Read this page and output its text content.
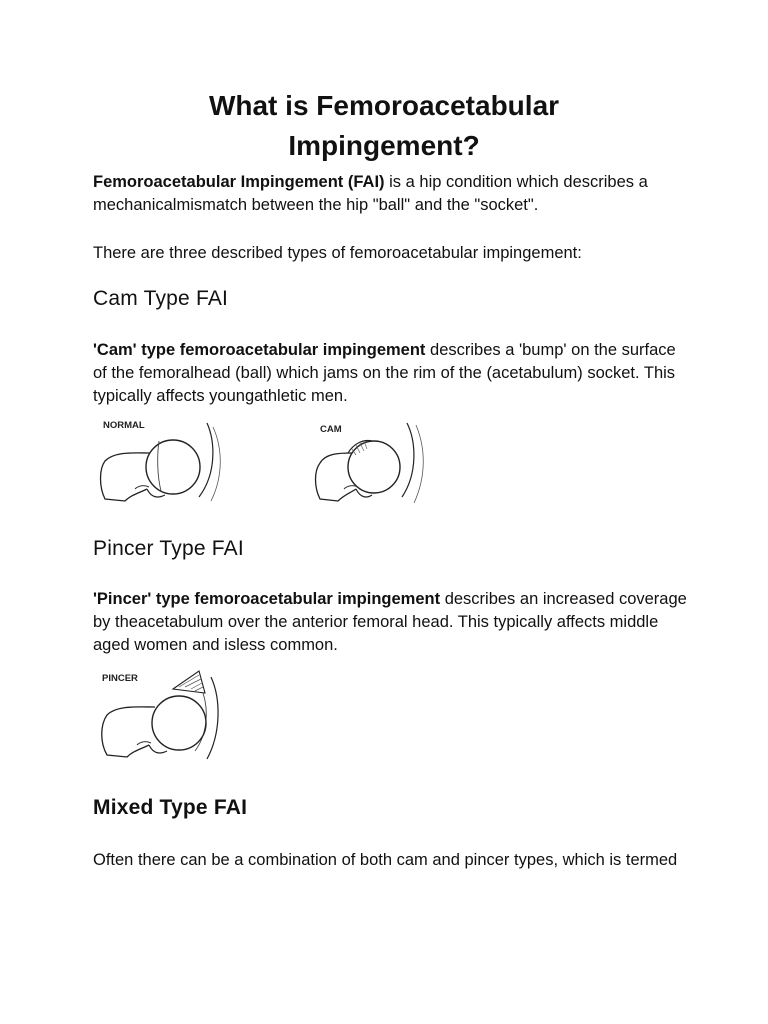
What is Femoroacetabular
Impingement?

Femoroacetabular Impingement (FAI) is a hip condition which describes a mechanicalmismatch between the hip "ball" and the "socket".

There are three described types of femoroacetabular impingement:

Cam Type FAI

'Cam' type femoroacetabular impingement describes a 'bump' on the surface of the femoralhead (ball) which jams on the rim of the (acetabulum) socket. This typically affects youngathletic men.

NORMAL	CAM
Pincer Type FAI

'Pincer' type femoroacetabular impingement describes an increased coverage by theacetabulum over the anterior femoral head. This typically affects middle aged women and isless common.

PINCER
Mixed Type FAI

Often there can be a combination of both cam and pincer types, which is termed
